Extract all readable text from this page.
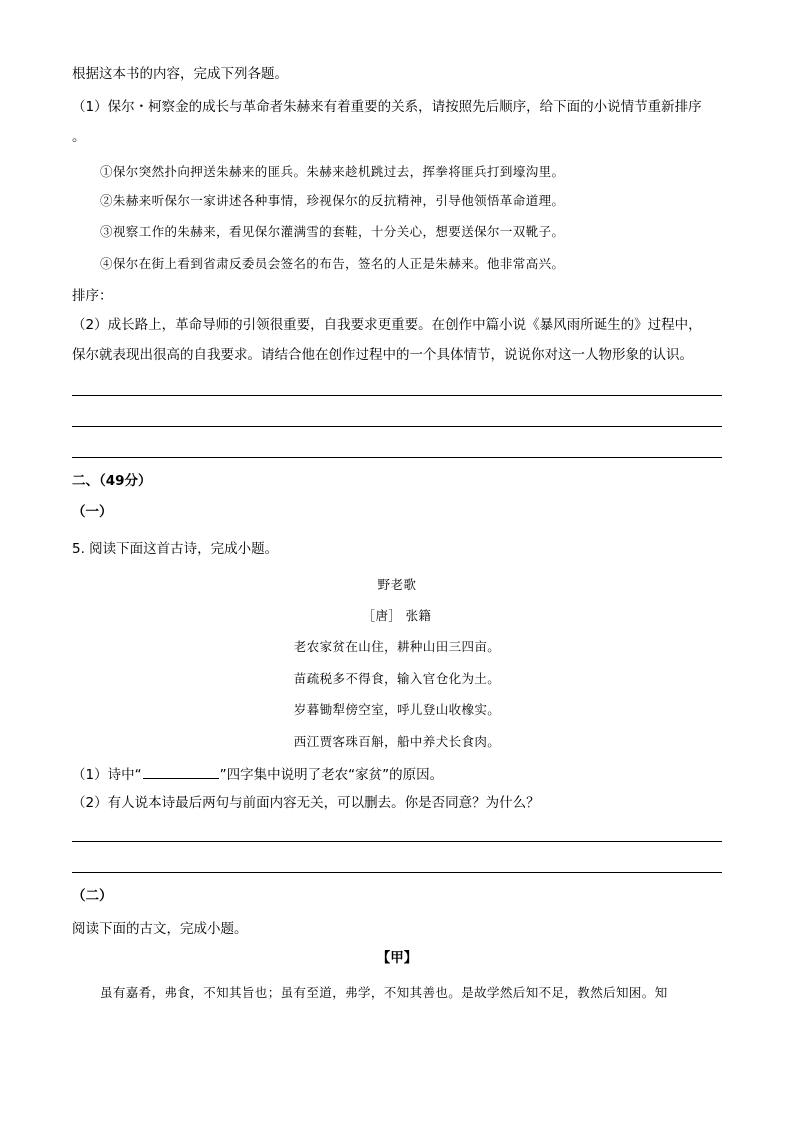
根据这本书的内容，完成下列各题。
（1）保尔・柯察金的成长与革命者朱赫来有着重要的关系，请按照先后顺序，给下面的小说情节重新排序
。
①保尔突然扑向押送朱赫来的匪兵。朱赫来趁机跳过去，挥拳将匪兵打到壕沟里。
②朱赫来听保尔一家讲述各种事情，珍视保尔的反抗精神，引导他领悟革命道理。
③视察工作的朱赫来，看见保尔灌满雪的套鞋，十分关心，想要送保尔一双靴子。
④保尔在街上看到省肃反委员会签名的布告，签名的人正是朱赫来。他非常高兴。
排序：
（2）成长路上，革命导师的引领很重要，自我要求更重要。在创作中篇小说《暴风雨所诞生的》过程中，
保尔就表现出很高的自我要求。请结合他在创作过程中的一个具体情节，说说你对这一人物形象的认识。
二、（49分）
（一）
5. 阅读下面这首古诗，完成小题。
野老歌
［唐］ 张籍
老农家贫在山住，耕种山田三四亩。
苗疏税多不得食，输入官仓化为土。
岁暮锄犁傍空室，呼儿登山收橡实。
西江贾客珠百斛，船中养犬长食肉。
（1）诗中“	”四字集中说明了老农“家贫”的原因。
（2）有人说本诗最后两句与前面内容无关，可以删去。你是否同意？为什么？
（二）
阅读下面的古文，完成小题。
【甲】
虽有嘉肴，弗食，不知其旨也；虽有至道，弗学，不知其善也。是故学然后知不足，教然后知困。知
